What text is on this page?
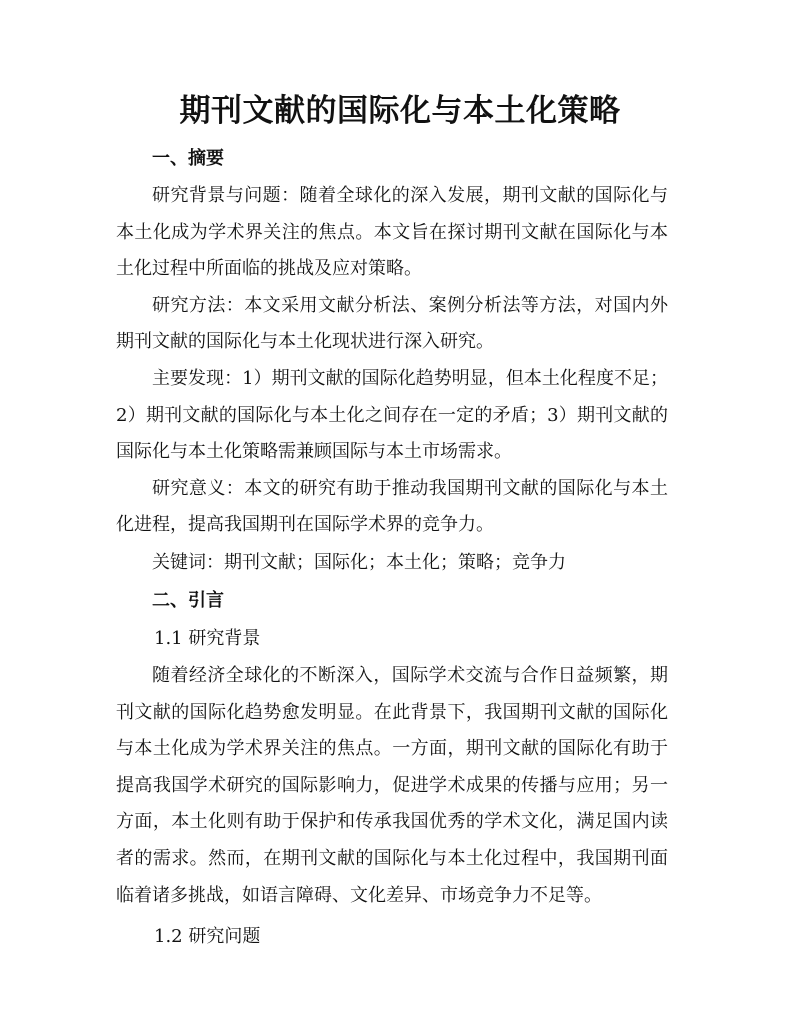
期刊文献的国际化与本土化策略
一、摘要

研究背景与问题：随着全球化的深入发展，期刊文献的国际化与本土化成为学术界关注的焦点。本文旨在探讨期刊文献在国际化与本土化过程中所面临的挑战及应对策略。

研究方法：本文采用文献分析法、案例分析法等方法，对国内外期刊文献的国际化与本土化现状进行深入研究。

主要发现：1）期刊文献的国际化趋势明显，但本土化程度不足；2）期刊文献的国际化与本土化之间存在一定的矛盾；3）期刊文献的国际化与本土化策略需兼顾国际与本土市场需求。

研究意义：本文的研究有助于推动我国期刊文献的国际化与本土化进程，提高我国期刊在国际学术界的竞争力。

关键词：期刊文献；国际化；本土化；策略；竞争力

二、引言

1.1 研究背景

随着经济全球化的不断深入，国际学术交流与合作日益频繁，期刊文献的国际化趋势愈发明显。在此背景下，我国期刊文献的国际化与本土化成为学术界关注的焦点。一方面，期刊文献的国际化有助于提高我国学术研究的国际影响力，促进学术成果的传播与应用；另一方面，本土化则有助于保护和传承我国优秀的学术文化，满足国内读者的需求。然而，在期刊文献的国际化与本土化过程中，我国期刊面临着诸多挑战，如语言障碍、文化差异、市场竞争力不足等。

1.2 研究问题
